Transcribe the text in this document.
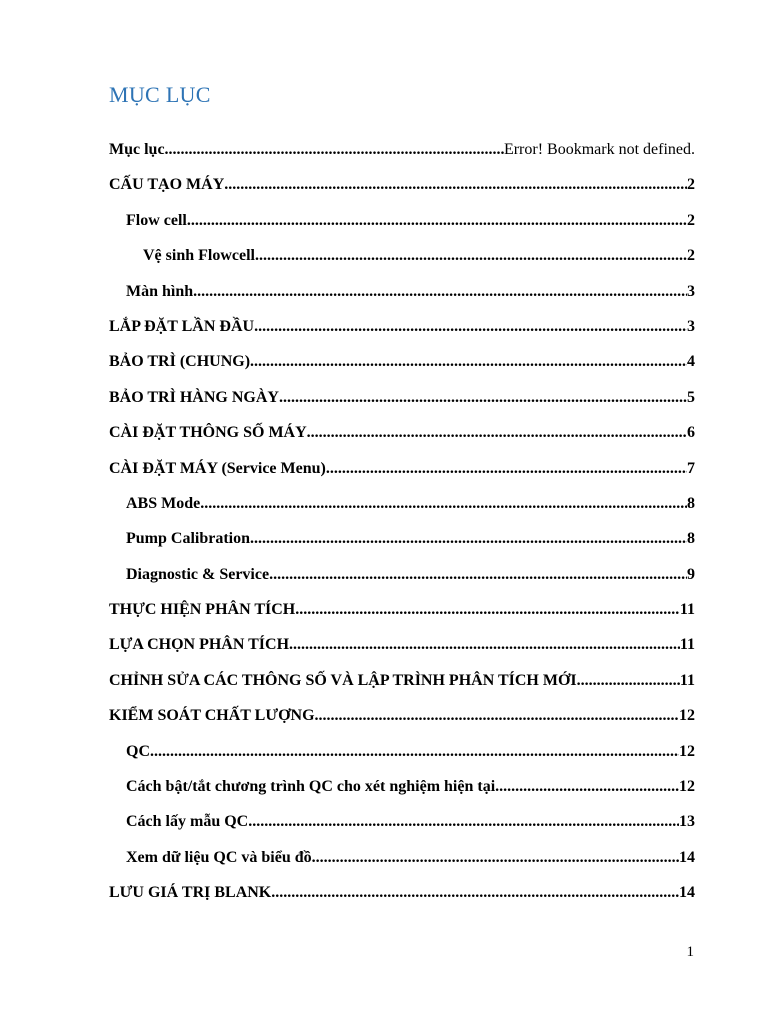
MỤC LỤC
Mục lục .....	Error! Bookmark not defined.
CẤU TẠO MÁY .....	2
Flow cell .....	2
Vệ sinh Flowcell .....	2
Màn hình .....	3
LẮP ĐẶT LẦN ĐẦU .....	3
BẢO TRÌ (CHUNG) .....	4
BẢO TRÌ HÀNG NGÀY .....	5
CÀI ĐẶT THÔNG SỐ MÁY .....	6
CÀI ĐẶT MÁY (Service Menu) .....	7
ABS Mode .....	8
Pump Calibration .....	8
Diagnostic & Service .....	9
THỰC HIỆN PHÂN TÍCH .....	11
LỰA CHỌN PHÂN TÍCH .....	11
CHỈNH SỬA CÁC THÔNG SỐ VÀ LẬP TRÌNH PHÂN TÍCH MỚI .....	11
KIỂM SOÁT CHẤT LƯỢNG .....	12
QC .....	12
Cách bật/tắt chương trình QC cho xét nghiệm hiện tại .....	12
Cách lấy mẫu QC .....	13
Xem dữ liệu QC và biểu đồ .....	14
LƯU GIÁ TRỊ BLANK .....	14
1
